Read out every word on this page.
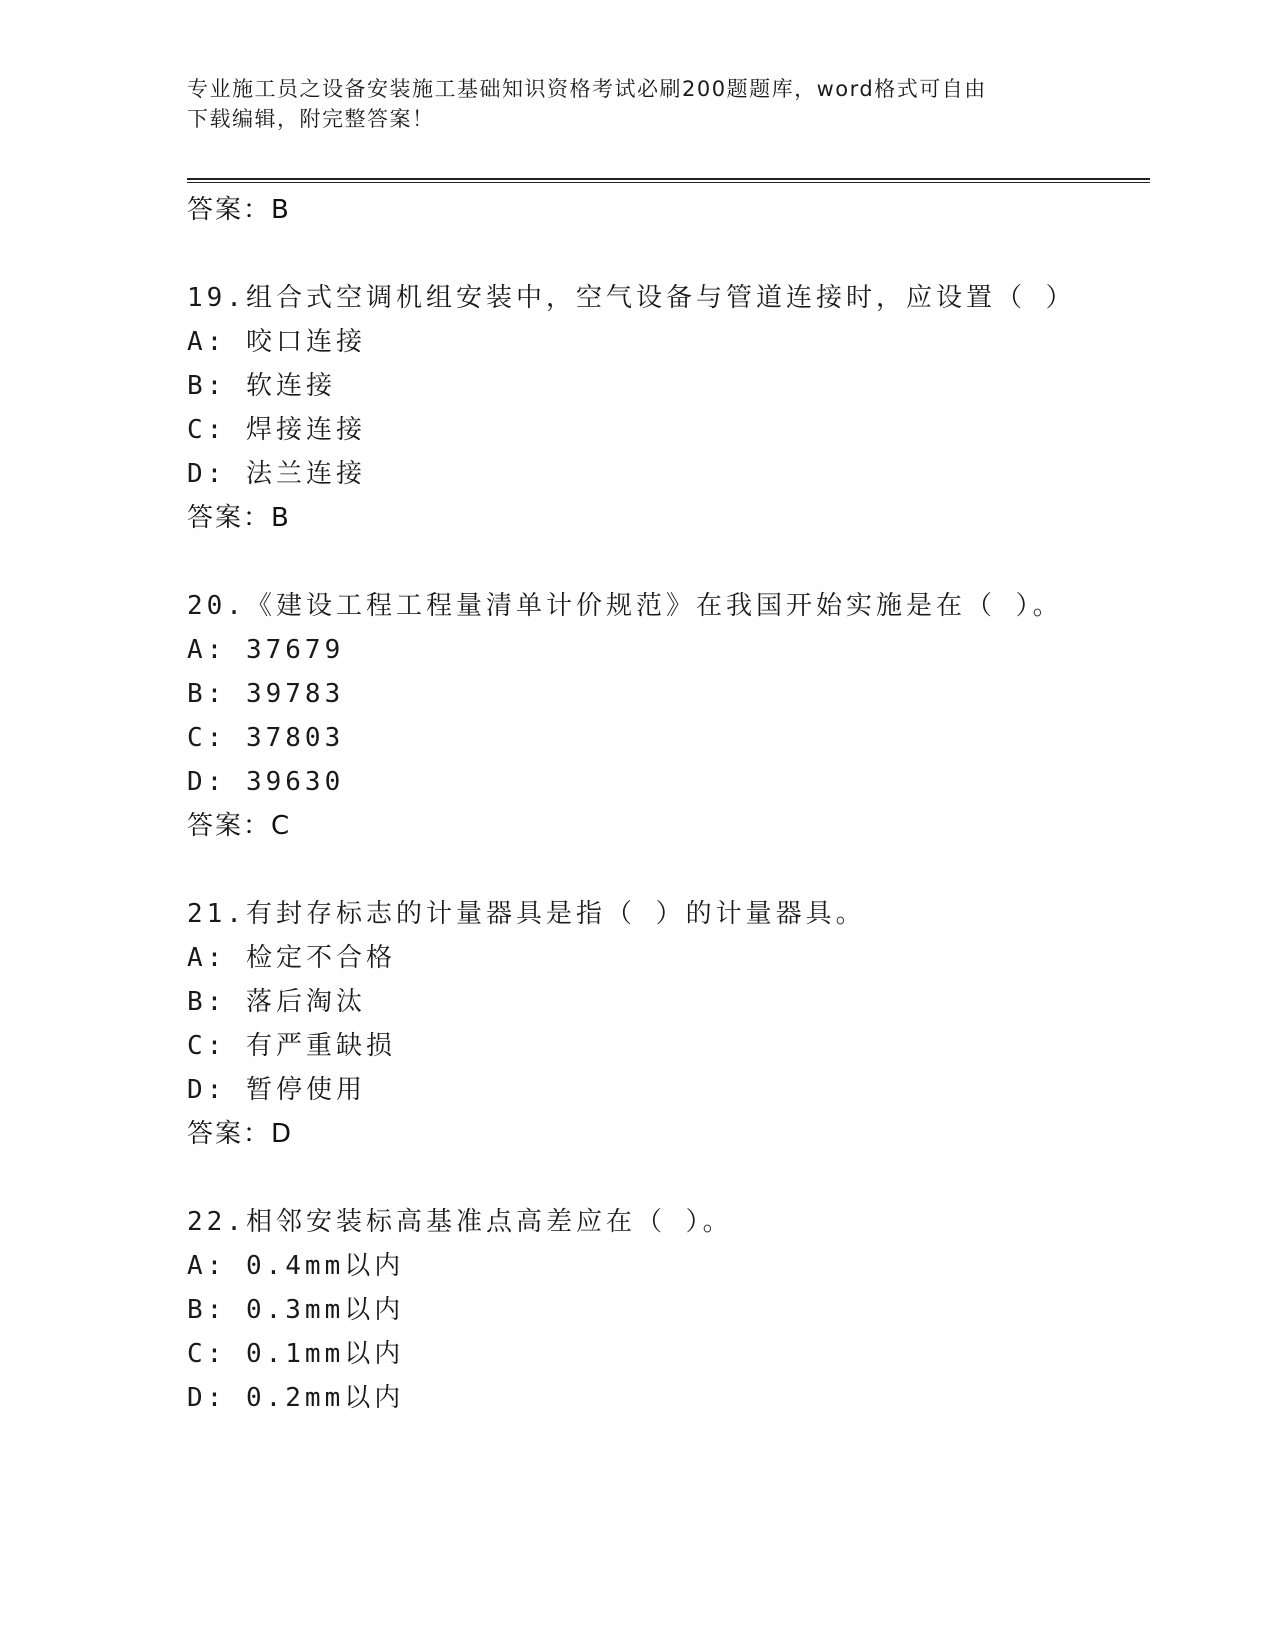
专业施工员之设备安装施工基础知识资格考试必刷200题题库，word格式可自由
下载编辑，附完整答案！
答案：B
19.组合式空调机组安装中，空气设备与管道连接时，应设置（ ）
A: 咬口连接
B: 软连接
C: 焊接连接
D: 法兰连接
答案：B
20.《建设工程工程量清单计价规范》在我国开始实施是在（ ）。
A: 37679
B: 39783
C: 37803
D: 39630
答案：C
21.有封存标志的计量器具是指（ ）的计量器具。
A: 检定不合格
B: 落后淘汰
C: 有严重缺损
D: 暂停使用
答案：D
22.相邻安装标高基准点高差应在（ ）。
A: 0.4mm以内
B: 0.3mm以内
C: 0.1mm以内
D: 0.2mm以内
